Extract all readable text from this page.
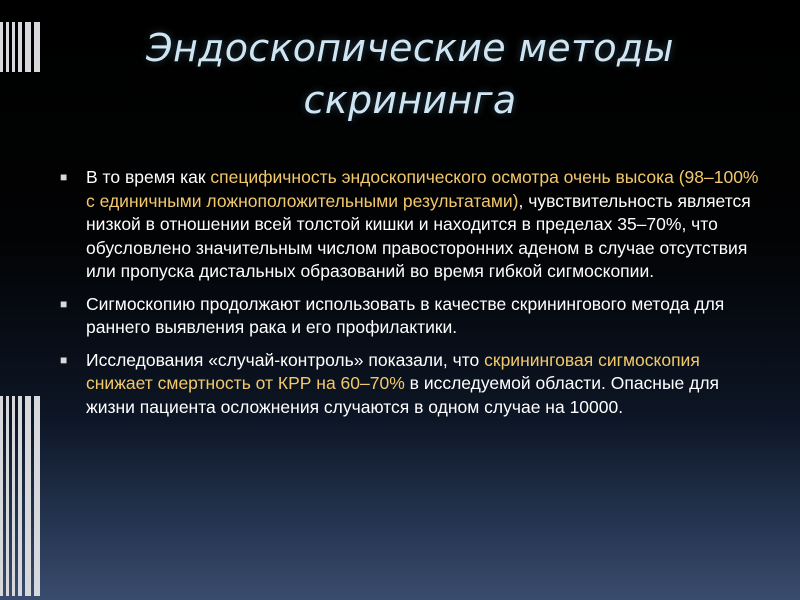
Эндоскопические методы
скрининга
■ В то время как специфичность эндоскопического осмотра очень высока (98–100% с единичными ложноположительными результатами), чувствительность является низкой в отношении всей толстой кишки и находится в пределах 35–70%, что обусловлено значительным числом правосторонних аденом в случае отсутствия или пропуска дистальных образований во время гибкой сигмоскопии.
■ Сигмоскопию продолжают использовать в качестве скринингового метода для раннего выявления рака и его профилактики.
■ Исследования «случай-контроль» показали, что скрининговая сигмоскопия снижает смертность от КРР на 60–70% в исследуемой области. Опасные для жизни пациента осложнения случаются в одном случае на 10000.
